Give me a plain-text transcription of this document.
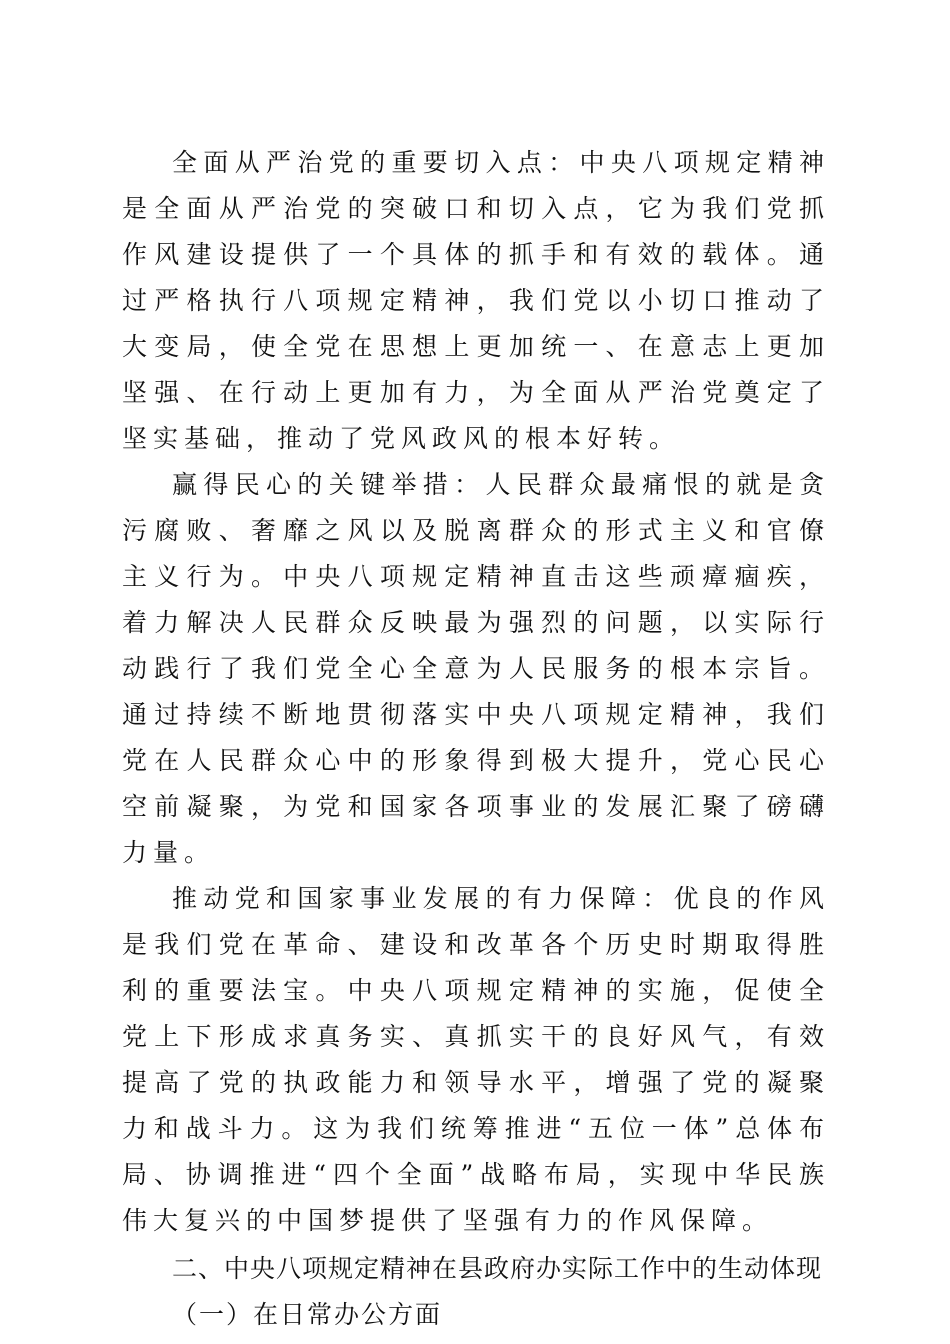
全面从严治党的重要切入点：中央八项规定精神是全面从严治党的突破口和切入点，它为我们党抓作风建设提供了一个具体的抓手和有效的载体。通过严格执行八项规定精神，我们党以小切口推动了大变局，使全党在思想上更加统一、在意志上更加坚强、在行动上更加有力，为全面从严治党奠定了坚实基础，推动了党风政风的根本好转。

赢得民心的关键举措：人民群众最痛恨的就是贪污腐败、奢靡之风以及脱离群众的形式主义和官僚主义行为。中央八项规定精神直击这些顽瘴痼疾，着力解决人民群众反映最为强烈的问题，以实际行动践行了我们党全心全意为人民服务的根本宗旨。通过持续不断地贯彻落实中央八项规定精神，我们党在人民群众心中的形象得到极大提升，党心民心空前凝聚，为党和国家各项事业的发展汇聚了磅礴力量。

推动党和国家事业发展的有力保障：优良的作风是我们党在革命、建设和改革各个历史时期取得胜利的重要法宝。中央八项规定精神的实施，促使全党上下形成求真务实、真抓实干的良好风气，有效提高了党的执政能力和领导水平，增强了党的凝聚力和战斗力。这为我们统筹推进“五位一体”总体布局、协调推进“四个全面”战略布局，实现中华民族伟大复兴的中国梦提供了坚强有力的作风保障。

二、中央八项规定精神在县政府办实际工作中的生动体现

（一）在日常办公方面
